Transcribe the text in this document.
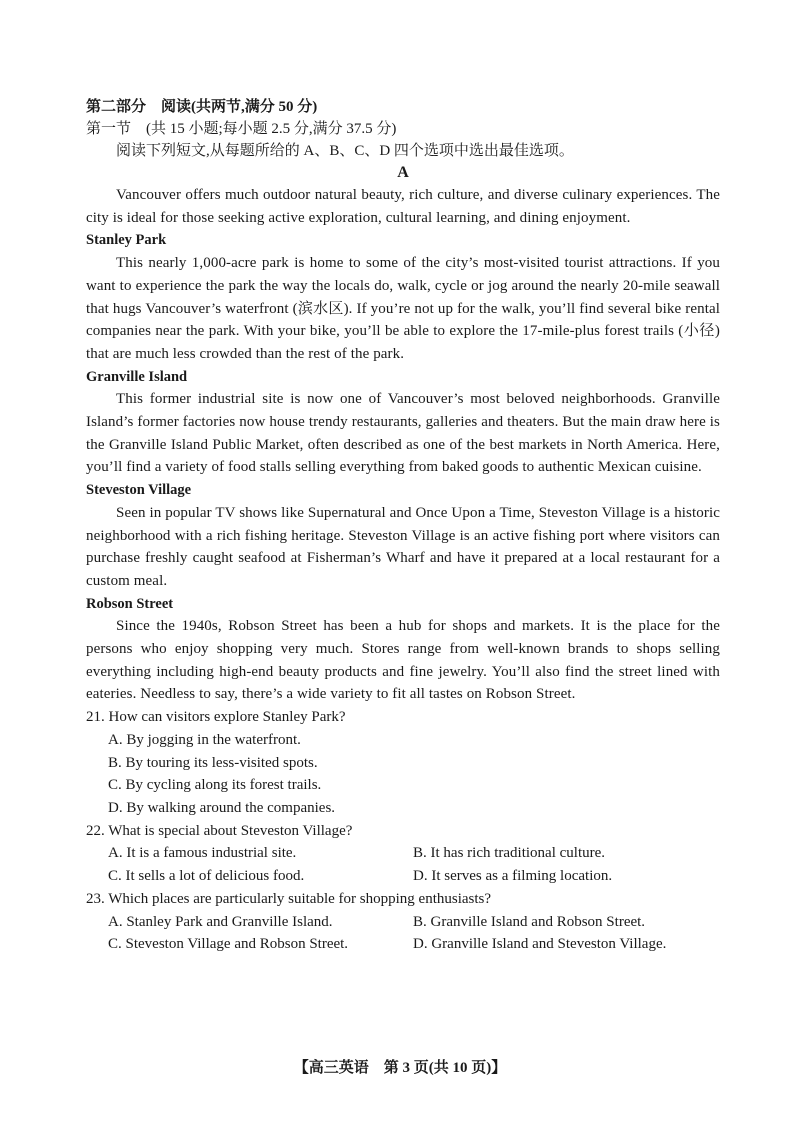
第二部分　阅读(共两节,满分 50 分)

第一节　(共 15 小题;每小题 2.5 分,满分 37.5 分)

阅读下列短文,从每题所给的 A、B、C、D 四个选项中选出最佳选项。

A

Vancouver offers much outdoor natural beauty, rich culture, and diverse culinary experiences. The city is ideal for those seeking active exploration, cultural learning, and dining enjoyment.

Stanley Park

This nearly 1,000-acre park is home to some of the city’s most-visited tourist attractions. If you want to experience the park the way the locals do, walk, cycle or jog around the nearly 20-mile seawall that hugs Vancouver’s waterfront (滨水区). If you’re not up for the walk, you’ll find several bike rental companies near the park. With your bike, you’ll be able to explore the 17-mile-plus forest trails (小径) that are much less crowded than the rest of the park.

Granville Island

This former industrial site is now one of Vancouver’s most beloved neighborhoods. Granville Island’s former factories now house trendy restaurants, galleries and theaters. But the main draw here is the Granville Island Public Market, often described as one of the best markets in North America. Here, you’ll find a variety of food stalls selling everything from baked goods to authentic Mexican cuisine.

Steveston Village

Seen in popular TV shows like Supernatural and Once Upon a Time, Steveston Village is a historic neighborhood with a rich fishing heritage. Steveston Village is an active fishing port where visitors can purchase freshly caught seafood at Fisherman’s Wharf and have it prepared at a local restaurant for a custom meal.

Robson Street

Since the 1940s, Robson Street has been a hub for shops and markets. It is the place for the persons who enjoy shopping very much. Stores range from well-known brands to shops selling everything including high-end beauty products and fine jewelry. You’ll also find the street lined with eateries. Needless to say, there’s a wide variety to fit all tastes on Robson Street.

21. How can visitors explore Stanley Park?

A. By jogging in the waterfront.

B. By touring its less-visited spots.

C. By cycling along its forest trails.

D. By walking around the companies.

22. What is special about Steveston Village?

A. It is a famous industrial site.	B. It has rich traditional culture.
C. It sells a lot of delicious food.	D. It serves as a filming location.

23. Which places are particularly suitable for shopping enthusiasts?

A. Stanley Park and Granville Island.	B. Granville Island and Robson Street.
C. Steveston Village and Robson Street.	D. Granville Island and Steveston Village.
【高三英语　第 3 页(共 10 页)】
